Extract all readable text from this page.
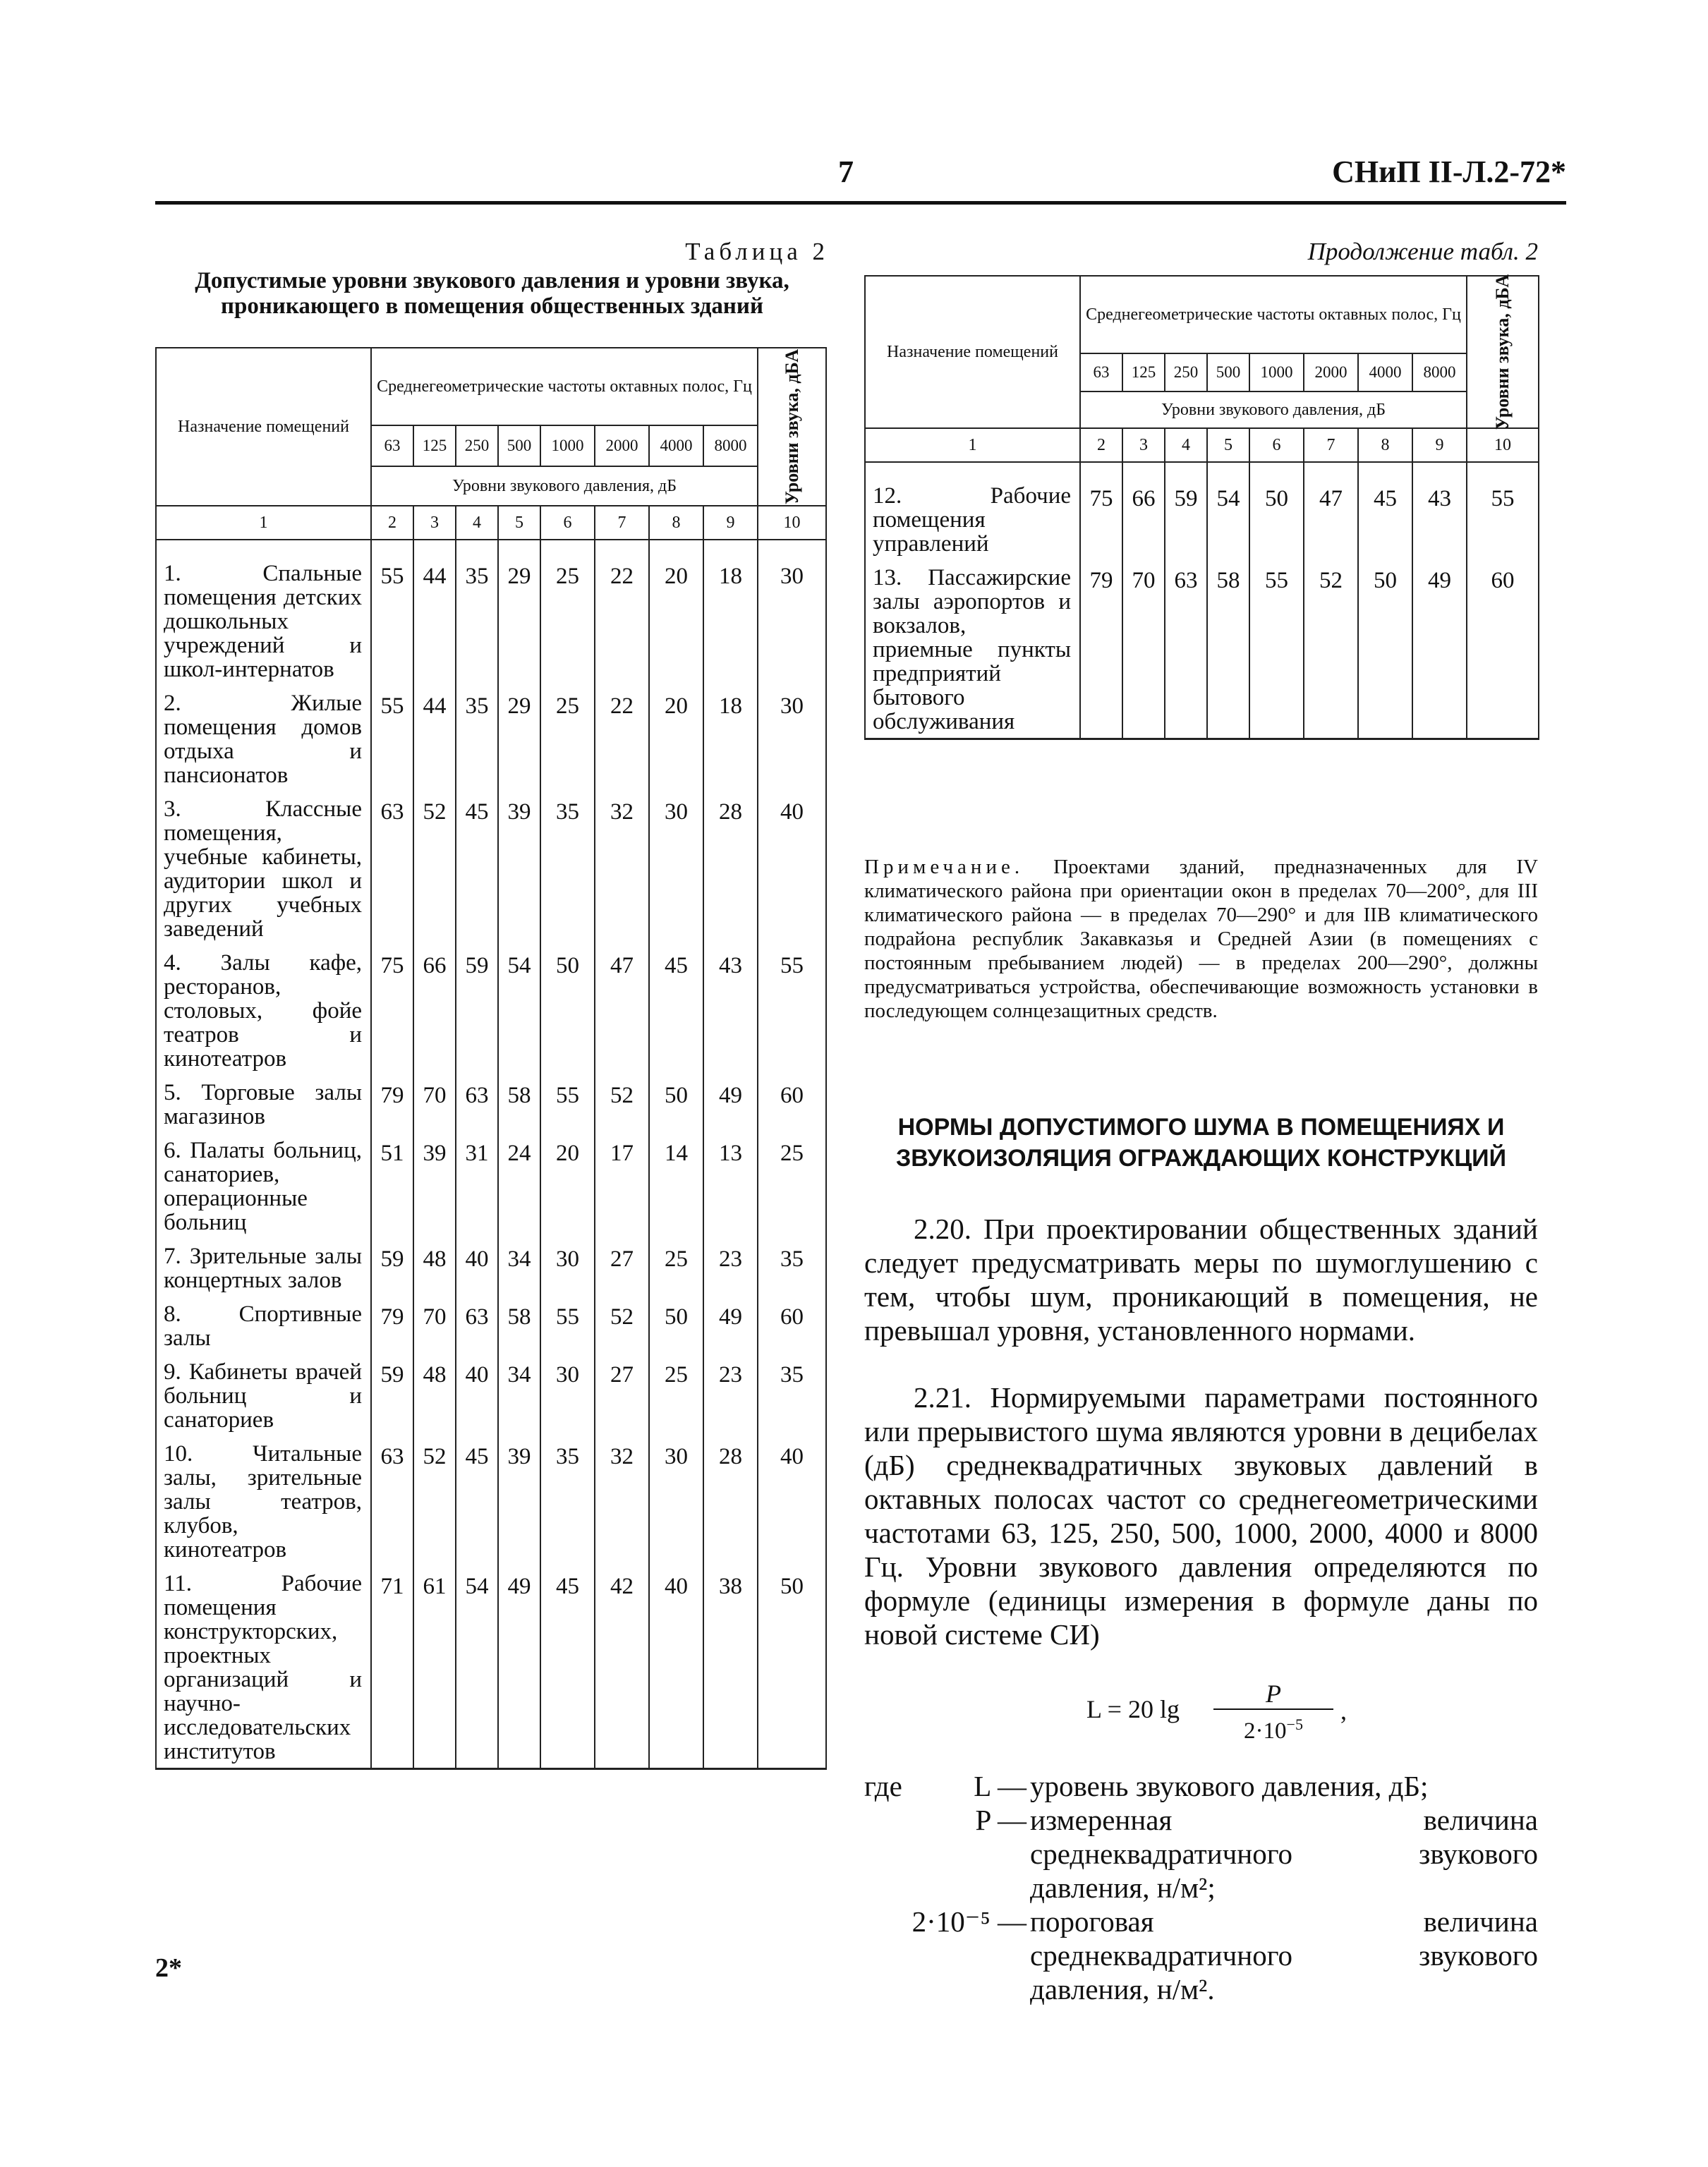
7	СНиП II-Л.2-72*
Таблица 2
Допустимые уровни звукового давления и уровни звука, проникающего в помещения общественных зданий
Продолжение табл. 2
Назначение помещений	Среднегеометрические частоты октавных полос, Гц								Уровни звука, дБА

	63	125	250	500	1000	2000	4000	8000	
	Уровни звукового давления, дБ								
1	2	3	4	5	6	7	8	9	10

1. Спальные помещения детских дошкольных учреждений и школ-интернатов	55	44	35	29	25	22	20	18	30
2. Жилые помещения домов отдыха и пансионатов	55	44	35	29	25	22	20	18	30
3. Классные помещения, учебные кабинеты, аудитории школ и других учебных заведений	63	52	45	39	35	32	30	28	40
4. Залы кафе, ресторанов, столовых, фойе театров и кинотеатров	75	66	59	54	50	47	45	43	55
5. Торговые залы магазинов	79	70	63	58	55	52	50	49	60
6. Палаты больниц, санаториев, операционные больниц	51	39	31	24	20	17	14	13	25
7. Зрительные залы концертных залов	59	48	40	34	30	27	25	23	35
8. Спортивные залы	79	70	63	58	55	52	50	49	60
9. Кабинеты врачей больниц и санаториев	59	48	40	34	30	27	25	23	35
10. Читальные залы, зрительные залы театров, клубов, кинотеатров	63	52	45	39	35	32	30	28	40
11. Рабочие помещения конструкторских, проектных организаций и научно-исследовательских институтов	71	61	54	49	45	42	40	38	50
Назначение помещений	Среднегеометрические частоты октавных полос, Гц								Уровни звука, дБА

	63	125	250	500	1000	2000	4000	8000	
	Уровни звукового давления, дБ								
1	2	3	4	5	6	7	8	9	10

12. Рабочие помещения управлений	75	66	59	54	50	47	45	43	55
13. Пассажирские залы аэропортов и вокзалов, приемные пункты предприятий бытового обслуживания	79	70	63	58	55	52	50	49	60
Примечание. Проектами зданий, предназначенных для IV климатического района при ориентации окон в пределах 70—200°, для III климатического района — в пределах 70—290° и для IIВ климатического подрайона республик Закавказья и Средней Азии (в помещениях с постоянным пребыванием людей) — в пределах 200—290°, должны предусматриваться устройства, обеспечивающие возможность установки в последующем солнцезащитных средств.
НОРМЫ ДОПУСТИМОГО ШУМА В ПОМЕЩЕНИЯХ И ЗВУКОИЗОЛЯЦИЯ ОГРАЖДАЮЩИХ КОНСТРУКЦИЙ
2.20. При проектировании общественных зданий следует предусматривать меры по шумоглушению с тем, чтобы шум, проникающий в помещения, не превышал уровня, установленного нормами.
2.21. Нормируемыми параметрами постоянного или прерывистого шума являются уровни в децибелах (дБ) среднеквадратичных звуковых давлений в октавных полосах частот со среднегеометрическими частотами 63, 125, 250, 500, 1000, 2000, 4000 и 8000 Гц. Уровни звукового давления определяются по формуле (единицы измерения в формуле даны по новой системе СИ)
L = 20 lg
P
$2\cdot 10^{-5}$	,
где	L — уровень звукового давления, дБ;
P — измеренная величина среднеквадратичного звукового давления, н/м²;
2·10⁻⁵ — пороговая величина среднеквадратичного звукового давления, н/м².
2*
